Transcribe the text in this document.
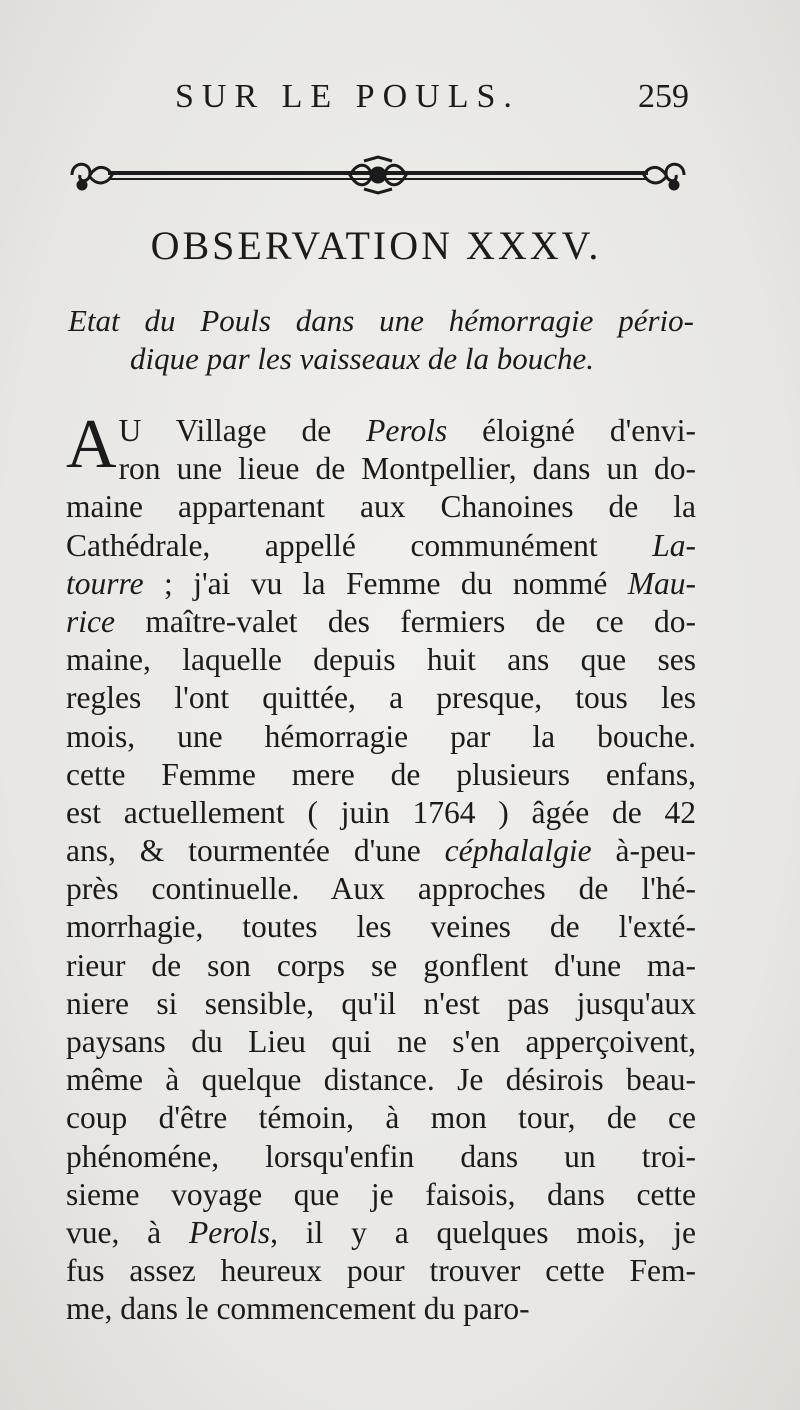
SUR LE POULS.	259
OBSERVATION XXXV.
Etat du Pouls dans une hémorragie pério-
dique par les vaisseaux de la bouche.
A U Village de Perols éloigné d'envi-
ron une lieue de Montpellier, dans un do-
maine appartenant aux Chanoines de la
Cathédrale, appellé communément La-
tourre ; j'ai vu la Femme du nommé Mau-
rice maître-valet des fermiers de ce do-
maine, laquelle depuis huit ans que ses
regles l'ont quittée, a presque, tous les
mois, une hémorragie par la bouche.
cette Femme mere de plusieurs enfans,
est actuellement ( juin 1764 ) âgée de 42
ans, & tourmentée d'une céphalalgie à-peu-
près continuelle. Aux approches de l'hé-
morrhagie, toutes les veines de l'exté-
rieur de son corps se gonflent d'une ma-
niere si sensible, qu'il n'est pas jusqu'aux
paysans du Lieu qui ne s'en apperçoivent,
même à quelque distance. Je désirois beau-
coup d'être témoin, à mon tour, de ce
phénoméne, lorsqu'enfin dans un troi-
sieme voyage que je faisois, dans cette
vue, à Perols, il y a quelques mois, je
fus assez heureux pour trouver cette Fem-
me, dans le commencement du paro-
